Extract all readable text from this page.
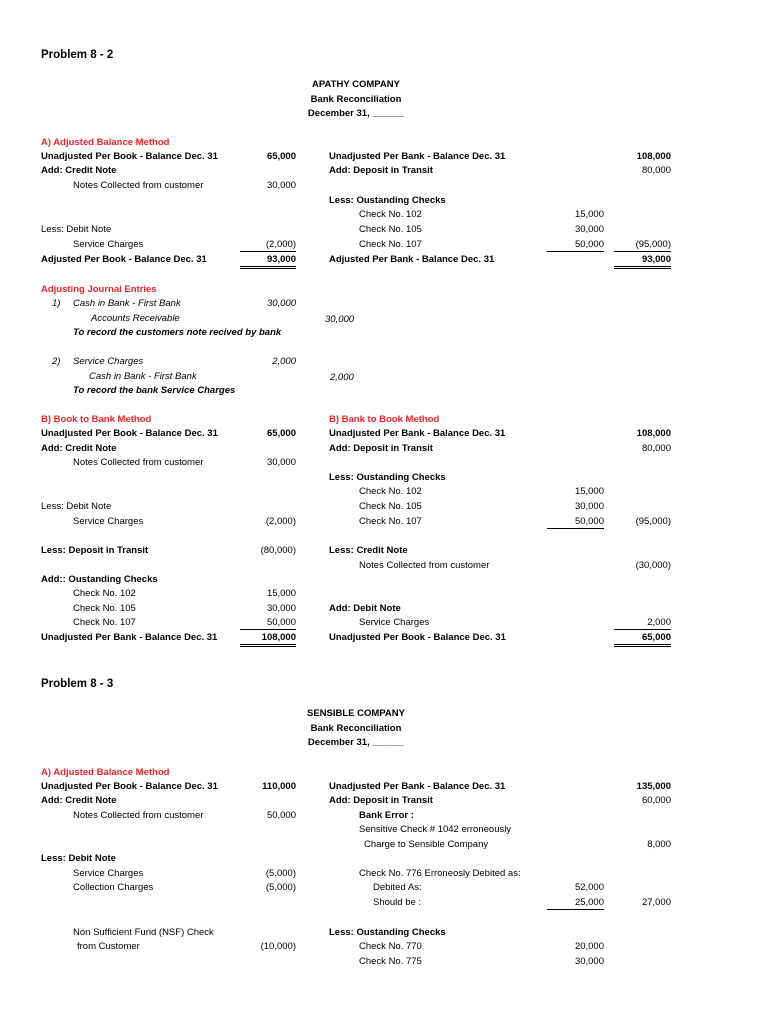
Problem 8 - 2
APATHY COMPANY
Bank Reconciliation
December 31, ______
A) Adjusted Balance Method
Unadjusted Per Book - Balance Dec. 31	65,000
Add: Credit Note
Notes Collected from customer	30,000
Less: Debit Note
Service Charges	(2,000)
Adjusted Per Book - Balance Dec. 31	93,000
Unadjusted Per Bank - Balance Dec. 31	108,000
Add: Deposit in Transit	80,000
Less: Oustanding Checks
Check No. 102	15,000
Check No. 105	30,000
Check No. 107	50,000	(95,000)
Adjusted Per Bank - Balance Dec. 31	93,000
Adjusting Journal Entries
1) Cash in Bank - First Bank	30,000
Accounts Receivable	30,000
To record the customers note recived by bank
2) Service Charges	2,000
Cash in Bank - First Bank	2,000
To record the bank Service Charges
B) Book to Bank Method
Unadjusted Per Book - Balance Dec. 31	65,000
Add: Credit Note
Notes Collected from customer	30,000
Less: Debit Note
Service Charges	(2,000)
Less: Deposit in Transit	(80,000)
Add:: Oustanding Checks
Check No. 102	15,000
Check No. 105	30,000
Check No. 107	50,000
Unadjusted Per Bank - Balance Dec. 31	108,000
B) Bank to Book Method
Unadjusted Per Bank - Balance Dec. 31	108,000
Add: Deposit in Transit	80,000
Less: Oustanding Checks
Check No. 102	15,000
Check No. 105	30,000
Check No. 107	50,000	(95,000)
Less: Credit Note
Notes Collected from customer	(30,000)
Add: Debit Note
Service Charges	2,000
Unadjusted Per Book - Balance Dec. 31	65,000
Problem 8 - 3
SENSIBLE COMPANY
Bank Reconciliation
December 31, ______
A) Adjusted Balance Method
Unadjusted Per Book - Balance Dec. 31	110,000
Add: Credit Note
Notes Collected from customer	50,000
Less: Debit Note
Service Charges	(5,000)
Collection Charges	(5,000)
Non Sufficient Fund (NSF) Check
from Customer	(10,000)
Unadjusted Per Bank - Balance Dec. 31	135,000
Add: Deposit in Transit	60,000
Bank Error :
Sensitive Check # 1042 erroneously
Charge to Sensible Company	8,000
Check No. 776 Erroneosly Debited as:
Debited As:	52,000
Should be :	25,000	27,000
Less: Oustanding Checks
Check No. 770	20,000
Check No. 775	30,000
